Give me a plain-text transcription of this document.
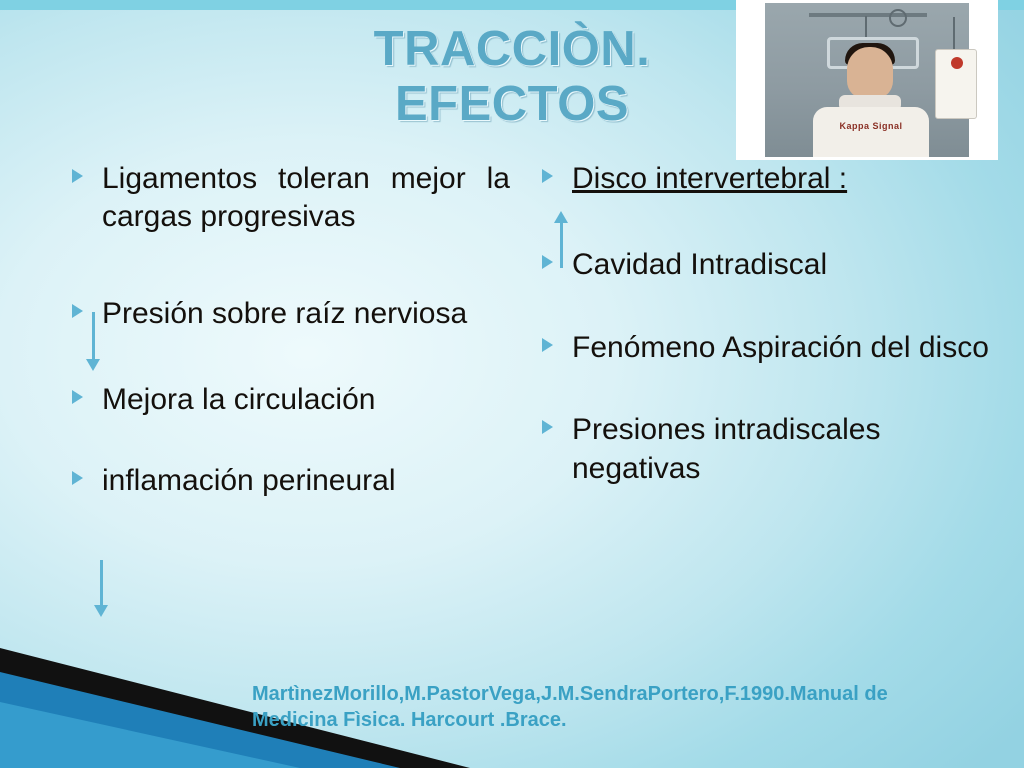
TRACCIÒN.
EFECTOS	Kappa Signal
Ligamentos toleran mejor la cargas progresivas
Presión sobre raíz nerviosa
Mejora la circulación
inflamación perineural
Disco intervertebral :
Cavidad Intradiscal
Fenómeno Aspiración del disco
Presiones intradiscales negativas
MartìnezMorillo,M.PastorVega,J.M.SendraPortero,F.1990.Manual de Medicina Fìsica. Harcourt .Brace.
